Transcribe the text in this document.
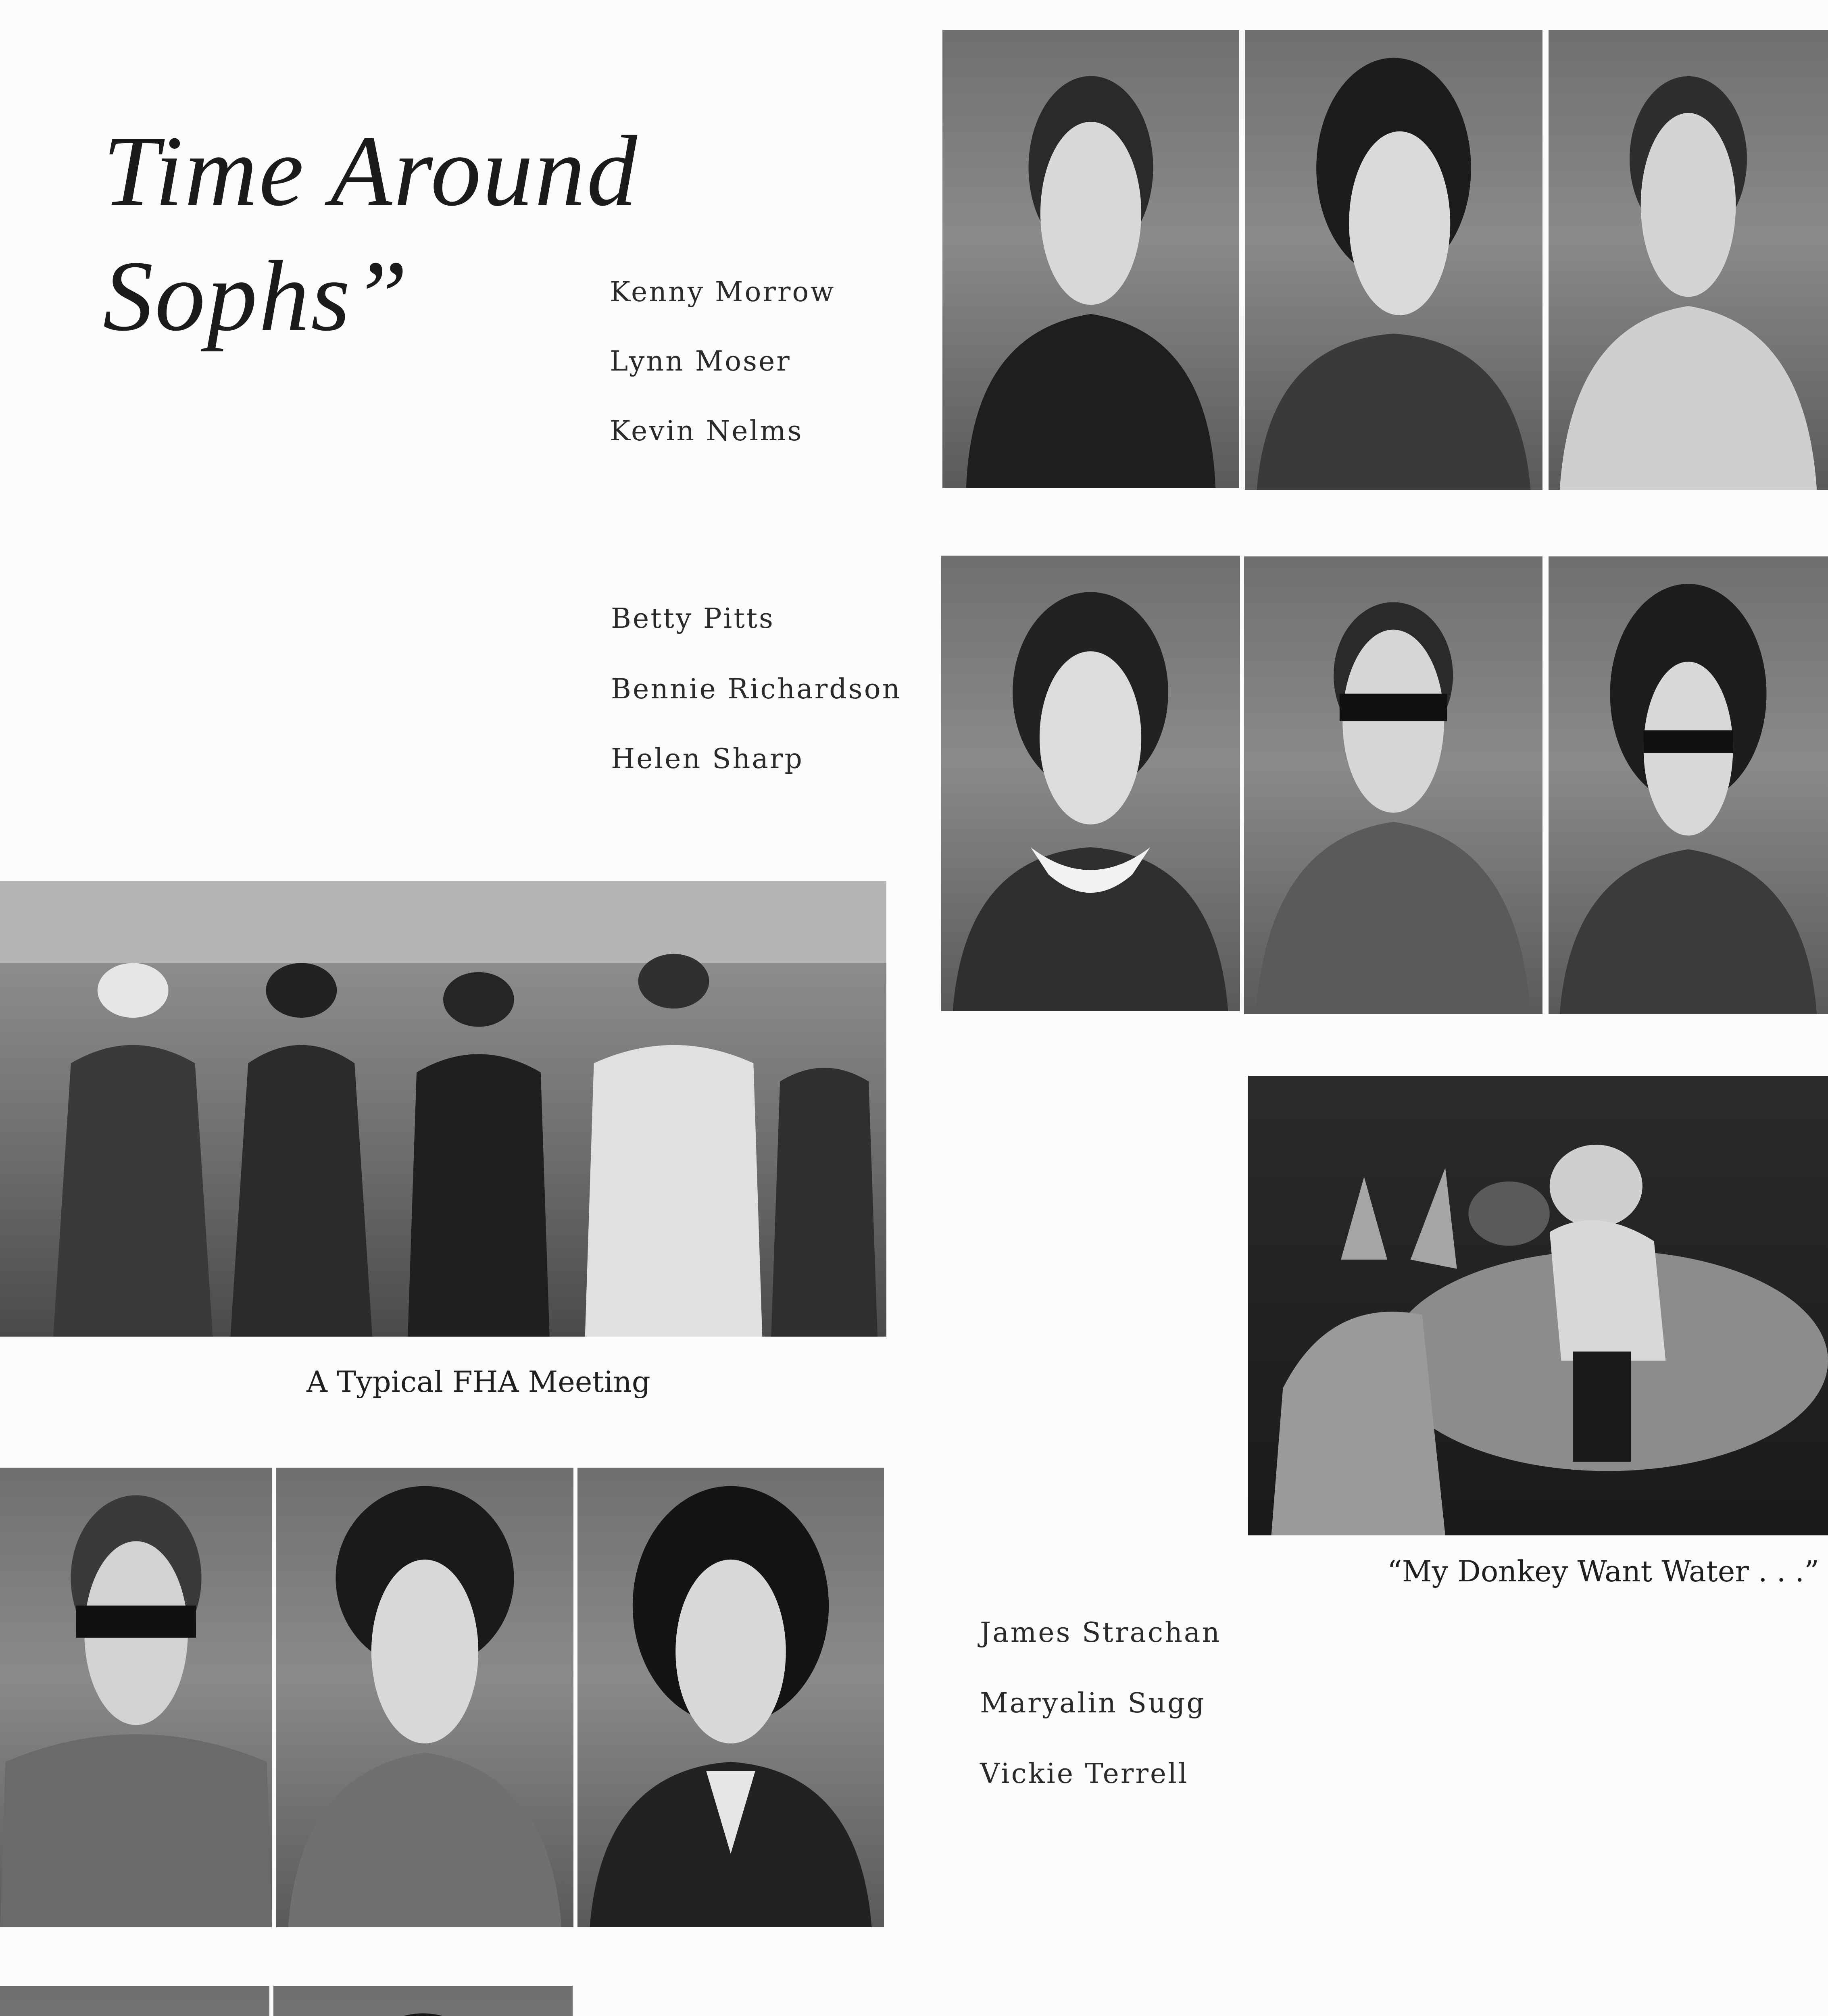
Time Around
Sophs”	Kenny Morrow
Lynn Moser
Kevin Nelms
Betty Pitts
Bennie Richardson
Helen Sharp
A Typical FHA Meeting
“My Donkey Want Water . . .”
James Strachan
Maryalin Sugg
Vickie Terrell
